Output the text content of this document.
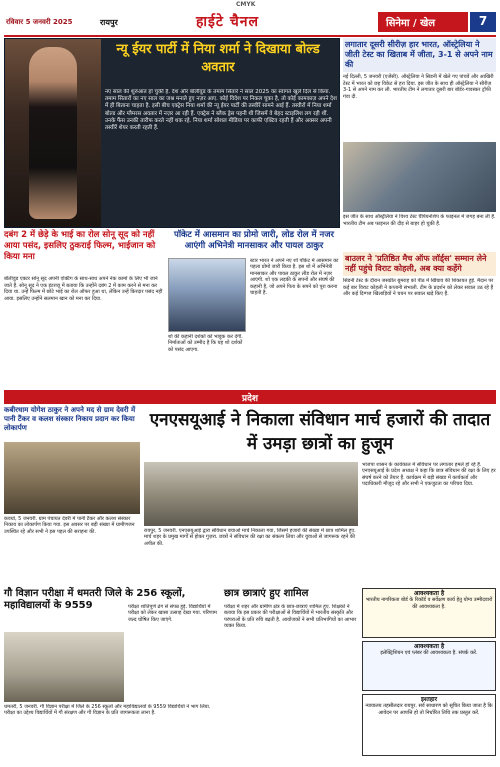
CMYK
रविवार 5 जनवरी 2025	रायपुर	हाईटे चैनल	सिनेमा / खेल	7
न्यू ईयर पार्टी में निया शर्मा ने दिखाया बोल्ड अवतार
नए साल की शुरुआत हो चुकी है. देश और बॉलीवुड के तमाम सितारे ने साल 2025 का स्वागत खुले दिल से किया. तमाम सितारों का नए साल का जश्न मनाते हुए नज़र आए. कोई विदेश पर निकल चुका है, तो कोई कामकाज़ अपने देश में ही बिताना चाहता है. इसी बीच एक्ट्रेस निया शर्मा की न्यू ईयर पार्टी की तस्वीरें सामने आई हैं. तस्वीरों में निया शर्मा बोल्ड और ग्लैमरस अवतार में नज़र आ रही हैं. एक्ट्रेस ने ब्लैक ड्रेस पहनी थी जिसमें वे बेहद स्टाइलिश लग रही थीं. उनके फैंस उनकी तारीफ करते नहीं थक रहे. निया शर्मा सोशल मीडिया पर काफी एक्टिव रहती हैं और अक्सर अपनी तस्वीरें शेयर करती रहती हैं.
लगातार दूसरी सीरीज़ हार भारत, ऑस्ट्रेलिया ने जीती टेस्ट का खिताब में जीता, 3-1 से अपने नाम की
नई दिल्ली, 5 जनवरी (एजेंसी). ऑस्ट्रेलिया ने सिडनी में खेले गए पांचवें और आखिरी टेस्ट में भारत को छह विकेट से हरा दिया. इस जीत के साथ ही ऑस्ट्रेलिया ने सीरीज़ 3-1 से अपने नाम कर ली. भारतीय टीम ने लगातार दूसरी बार बॉर्डर-गावस्कर ट्रॉफी गंवा दी.
इस जीत के साथ ऑस्ट्रेलिया ने विश्व टेस्ट चैंपियनशिप के फाइनल में जगह बना ली है. भारतीय टीम अब फाइनल की दौड़ से बाहर हो चुकी है.
बाउलर ने 'प्रतिष्ठित मैच ऑफ लॉर्ड्स' सम्मान लेने नहीं पहुंचे विराट कोहली, अब क्या कहेंगे
सिडनी टेस्ट के दौरान जसप्रीत बुमराह को पीठ में खिंचाव की शिकायत हुई. मैदान पर कई बार विराट कोहली ने कप्तानी संभाली. टीम के प्रदर्शन को लेकर सवाल उठ रहे हैं और कई दिग्गज खिलाड़ियों ने चयन पर सवाल खड़े किए हैं.
दबंग 2 में छेड़े के भाई का रोल सोनू सूद को नहीं आया पसंद, इसलिए ठुकराई फिल्म, भाईजान को किया मना
बॉलीवुड एक्टर सोनू सूद अपनी एक्टिंग के साथ-साथ अपने नेक कामों के लिए भी जाने जाते हैं. सोनू सूद ने एक इंटरव्यू में बताया कि उन्होंने दबंग 2 में काम करने से मना कर दिया था. उन्हें फिल्म में छोटे भाई का रोल ऑफर हुआ था, लेकिन उन्हें किरदार पसंद नहीं आया. इसलिए उन्होंने सलमान खान को मना कर दिया.
पॉकेट में आसमान का प्रोमो जारी, लोड रोल में नजर आएंगी अभिनेत्री मानसाकर और पायल ठाकुर
स्टार भारत ने अपने नए शो पॉकेट में आसमान का पहला प्रोमो जारी किया है. इस शो में अभिनेत्री मानसाकर और पायल ठाकुर लीड रोल में नज़र आएंगी. शो एक लड़की के सपनों और संघर्ष की कहानी है, जो अपने पिता के सपने को पूरा करना चाहती है.
शो की कहानी दर्शकों को भावुक कर देगी. निर्माताओं को उम्मीद है कि यह शो दर्शकों को पसंद आएगा.
प्रदेश
कबीरधाम योगेश ठाकुर ने अपने मद से ग्राम देवरी में पानी टैंकर व कलश संस्कार निकाय प्रदान कर किया लोकार्पण
कवर्धा, 5 जनवरी. ग्राम पंचायत देवरी में पानी टैंकर और कलश संस्कार निकाय का लोकार्पण किया गया. इस अवसर पर बड़ी संख्या में ग्रामीणजन उपस्थित रहे और सभी ने इस पहल की सराहना की.
एनएसयूआई ने निकाला संविधान मार्च हजारों की तादात में उमड़ा छात्रों का हुजूम
रायपुर, 5 जनवरी. एनएसयूआई द्वारा संविधान बचाओ मार्च निकाला गया, जिसमें हजारों की संख्या में छात्र शामिल हुए. मार्च शहर के प्रमुख मार्गों से होकर गुज़रा. छात्रों ने संविधान की रक्षा का संकल्प लिया और युवाओं से जागरूक रहने की अपील की.
भाजपा शासन के कार्यकाल में संविधान पर लगातार हमले हो रहे हैं. एनएसयूआई के प्रदेश अध्यक्ष ने कहा कि छात्र संविधान की रक्षा के लिए हर संघर्ष करने को तैयार हैं. कार्यक्रम में बड़ी संख्या में कार्यकर्ता और पदाधिकारी मौजूद रहे और सभी ने एकजुटता का परिचय दिया.
गौ विज्ञान परीक्षा में धमतरी जिले के 256 स्कूलों, महाविद्यालयों के 9559	परीक्षा शांतिपूर्ण ढंग से संपन्न हुई. विद्यार्थियों में परीक्षा को लेकर खासा उत्साह देखा गया. परिणाम जल्द घोषित किए जाएंगे.
धमतरी, 5 जनवरी. गौ विज्ञान परीक्षा में जिले के 256 स्कूलों और महाविद्यालयों के 9559 विद्यार्थियों ने भाग लिया. परीक्षा का उद्देश्य विद्यार्थियों में गौ संरक्षण और गौ विज्ञान के प्रति जागरूकता लाना है.
छात्र छात्राएं हुए शामिल
परीक्षा में शहर और ग्रामीण क्षेत्र के छात्र-छात्राएं शामिल हुए. शिक्षकों ने बताया कि इस प्रकार की परीक्षाओं से विद्यार्थियों में भारतीय संस्कृति और परंपराओं के प्रति रुचि बढ़ती है. आयोजकों ने सभी प्रतिभागियों का आभार व्यक्त किया.
आवश्यकता है
भारतीय नागरिकता बोर्ड के रिकॉर्ड व सर्वेक्षण कार्य हेतु योग्य उम्मीदवारों की आवश्यकता है.
आवश्यकता है
इलेक्ट्रिशियन एवं प्लंबर की आवश्यकता है. संपर्क करें.
इश्तहार
न्यायालय तहसीलदार रायपुर. सर्व साधारण को सूचित किया जाता है कि आवेदन पर आपत्ति हो तो निर्धारित तिथि तक प्रस्तुत करें.
